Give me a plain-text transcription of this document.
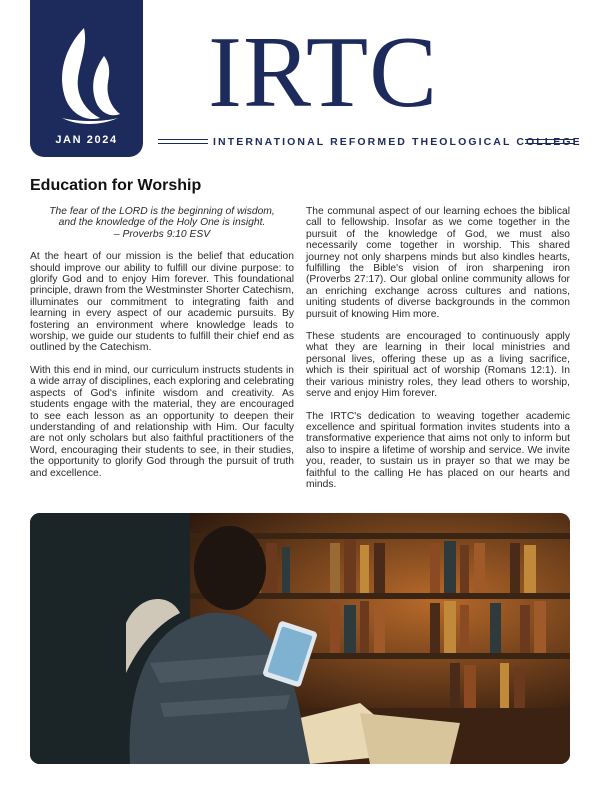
JAN 2024
IRTC
INTERNATIONAL REFORMED THEOLOGICAL COLLEGE
Education for Worship
The fear of the LORD is the beginning of wisdom,
and the knowledge of the Holy One is insight.
– Proverbs 9:10 ESV

At the heart of our mission is the belief that education should improve our ability to fulfill our divine purpose: to glorify God and to enjoy Him forever. This foundational principle, drawn from the Westminster Shorter Catechism, illuminates our commitment to integrating faith and learning in every aspect of our academic pursuits. By fostering an environment where knowledge leads to worship, we guide our students to fulfill their chief end as outlined by the Catechism.

With this end in mind, our curriculum instructs students in a wide array of disciplines, each exploring and celebrating aspects of God's infinite wisdom and creativity. As students engage with the material, they are encouraged to see each lesson as an opportunity to deepen their understanding of and relationship with Him. Our faculty are not only scholars but also faithful practitioners of the Word, encouraging their students to see, in their studies, the opportunity to glorify God through the pursuit of truth and excellence.

The communal aspect of our learning echoes the biblical call to fellowship. Insofar as we come together in the pursuit of the knowledge of God, we must also necessarily come together in worship. This shared journey not only sharpens minds but also kindles hearts, fulfilling the Bible's vision of iron sharpening iron (Proverbs 27:17). Our global online community allows for an enriching exchange across cultures and nations, uniting students of diverse backgrounds in the common pursuit of knowing Him more.

These students are encouraged to continuously apply what they are learning in their local ministries and personal lives, offering these up as a living sacrifice, which is their spiritual act of worship (Romans 12:1). In their various ministry roles, they lead others to worship, serve and enjoy Him forever.

The IRTC's dedication to weaving together academic excellence and spiritual formation invites students into a transformative experience that aims not only to inform but also to inspire a lifetime of worship and service. We invite you, reader, to sustain us in prayer so that we may be faithful to the calling He has placed on our hearts and minds.
